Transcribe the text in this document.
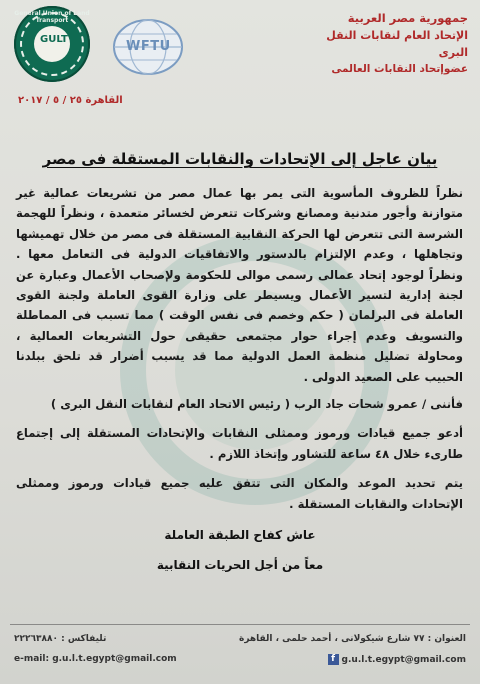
General Union of Land Transport
GULT	WFTU
جمهورية مصر العربية
الإتحاد العام لنقابات النقل البرى
عضوإتحاد النقابات العالمى
القاهرة ٢٥ / ٥ / ٢٠١٧
بيان عاجل إلى الإتحادات والنقابات المستقلة فى مصر

نظراً للظروف المأسوية التى يمر بها عمال مصر من تشريعات عمالية غير متوازنة وأجور متدنية ومصانع وشركات تتعرض لخسائر متعمدة ، ونظراً للهجمة الشرسة التى تتعرض لها الحركة النقابية المستقلة فى مصر من خلال تهميشها وتجاهلها ، وعدم الإلتزام بالدستور والاتفاقيات الدولية فى التعامل معها . ونظراً لوجود إتحاد عمالى رسمى موالى للحكومة ولإصحاب الأعمال وعبارة عن لجنة إدارية لتسير الأعمال ويسيطر على وزارة القوى العاملة ولجنة القوى العاملة فى البرلمان ( حكم وخصم فى نفس الوقت ) مما تسبب فى المماطلة والتسويف وعدم إجراء حوار مجتمعى حقيقى حول التشريعات العمالية ، ومحاولة تضليل منظمة العمل الدولية مما قد يسبب أضرار قد تلحق ببلدنا الحبيب على الصعيد الدولى .

فأننى / عمرو شحات جاد الرب ( رئيس الاتحاد العام لنقابات النقل البرى )

أدعو جميع قيادات ورموز وممثلى النقابات والإتحادات المستقلة إلى إجتماع طارىء خلال ٤٨ ساعة للتشاور وإتخاذ اللازم .

يتم تحديد الموعد والمكان التى تتفق عليه جميع قيادات ورموز وممثلى الإتحادات والنقابات المستقلة .

عاش كفاح الطبقة العاملة
معاً من أجل الحريات النقابية
العنوان : ٧٧ شارع شيكولانى ، أحمد حلمى ، القاهرة
تليفاكس : ٢٢٢٦٣٨٨٠
e-mail: g.u.l.t.egypt@gmail.com	f g.u.l.t.egypt@gmail.com
